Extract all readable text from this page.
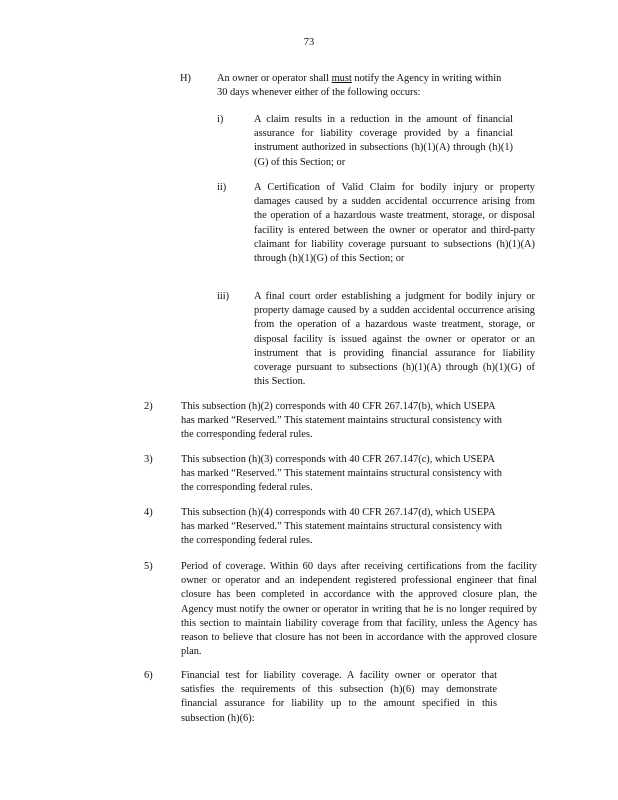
73
H)	An owner or operator shall must notify the Agency in writing within 30 days whenever either of the following occurs:
i)	A claim results in a reduction in the amount of financial assurance for liability coverage provided by a financial instrument authorized in subsections (h)(1)(A) through (h)(1)(G) of this Section; or
ii)	A Certification of Valid Claim for bodily injury or property damages caused by a sudden accidental occurrence arising from the operation of a hazardous waste treatment, storage, or disposal facility is entered between the owner or operator and third-party claimant for liability coverage pursuant to subsections (h)(1)(A) through (h)(1)(G) of this Section; or
iii) A final court order establishing a judgment for bodily injury or property damage caused by a sudden accidental occurrence arising from the operation of a hazardous waste treatment, storage, or disposal facility is issued against the owner or operator or an instrument that is providing financial assurance for liability coverage pursuant to subsections (h)(1)(A) through (h)(1)(G) of this Section.
2)	This subsection (h)(2) corresponds with 40 CFR 267.147(b), which USEPA has marked “Reserved.” This statement maintains structural consistency with the corresponding federal rules.
3)	This subsection (h)(3) corresponds with 40 CFR 267.147(c), which USEPA has marked “Reserved.” This statement maintains structural consistency with the corresponding federal rules.
4)	This subsection (h)(4) corresponds with 40 CFR 267.147(d), which USEPA has marked “Reserved.” This statement maintains structural consistency with the corresponding federal rules.
5)	Period of coverage. Within 60 days after receiving certifications from the facility owner or operator and an independent registered professional engineer that final closure has been completed in accordance with the approved closure plan, the Agency must notify the owner or operator in writing that he is no longer required by this section to maintain liability coverage from that facility, unless the Agency has reason to believe that closure has not been in accordance with the approved closure plan.
6)	Financial test for liability coverage. A facility owner or operator that satisfies the requirements of this subsection (h)(6) may demonstrate financial assurance for liability up to the amount specified in this subsection (h)(6):
